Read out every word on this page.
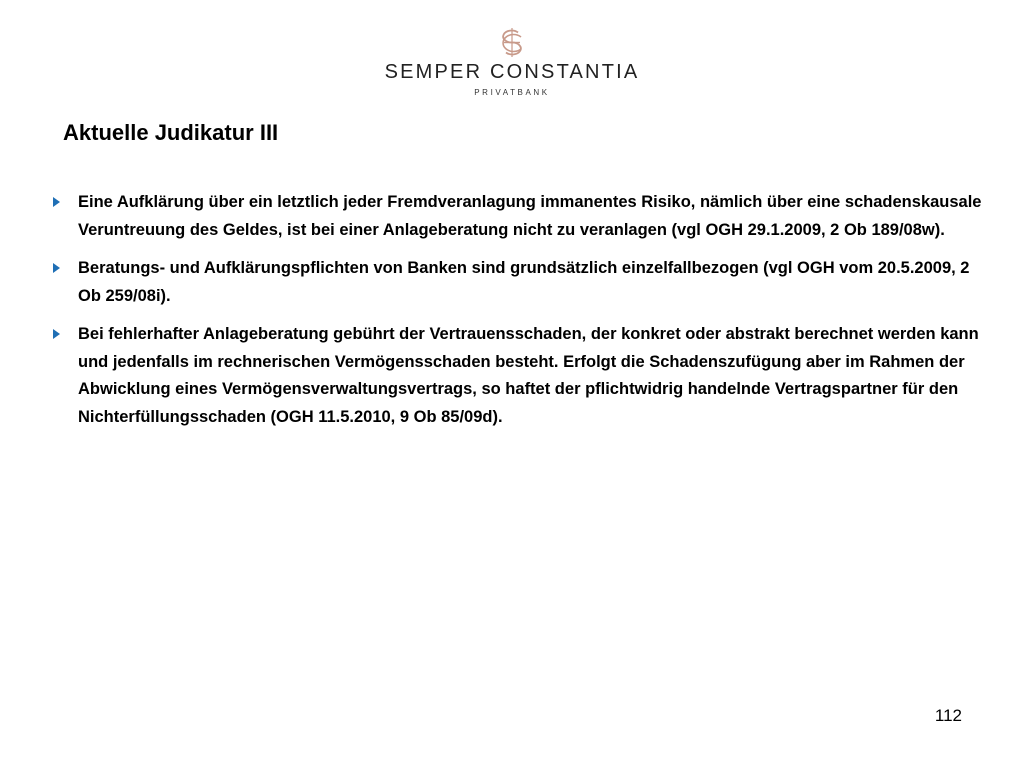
SEMPER CONSTANTIA
PRIVATBANK
Aktuelle Judikatur III
Eine Aufklärung über ein letztlich jeder Fremdveranlagung immanentes Risiko, nämlich über eine schadenskausale Veruntreuung des Geldes, ist bei einer Anlageberatung nicht zu veranlagen (vgl OGH 29.1.2009, 2 Ob 189/08w).
Beratungs- und Aufklärungspflichten von Banken sind grundsätzlich einzelfallbezogen (vgl OGH vom 20.5.2009, 2 Ob 259/08i).
Bei fehlerhafter Anlageberatung gebührt der Vertrauensschaden, der konkret oder abstrakt berechnet werden kann und jedenfalls im rechnerischen Vermögensschaden besteht. Erfolgt die Schadenszufügung aber im Rahmen der Abwicklung eines Vermögensverwaltungsvertrags, so haftet der pflichtwidrig handelnde Vertragspartner für den Nichterfüllungsschaden (OGH 11.5.2010, 9 Ob 85/09d).
112
